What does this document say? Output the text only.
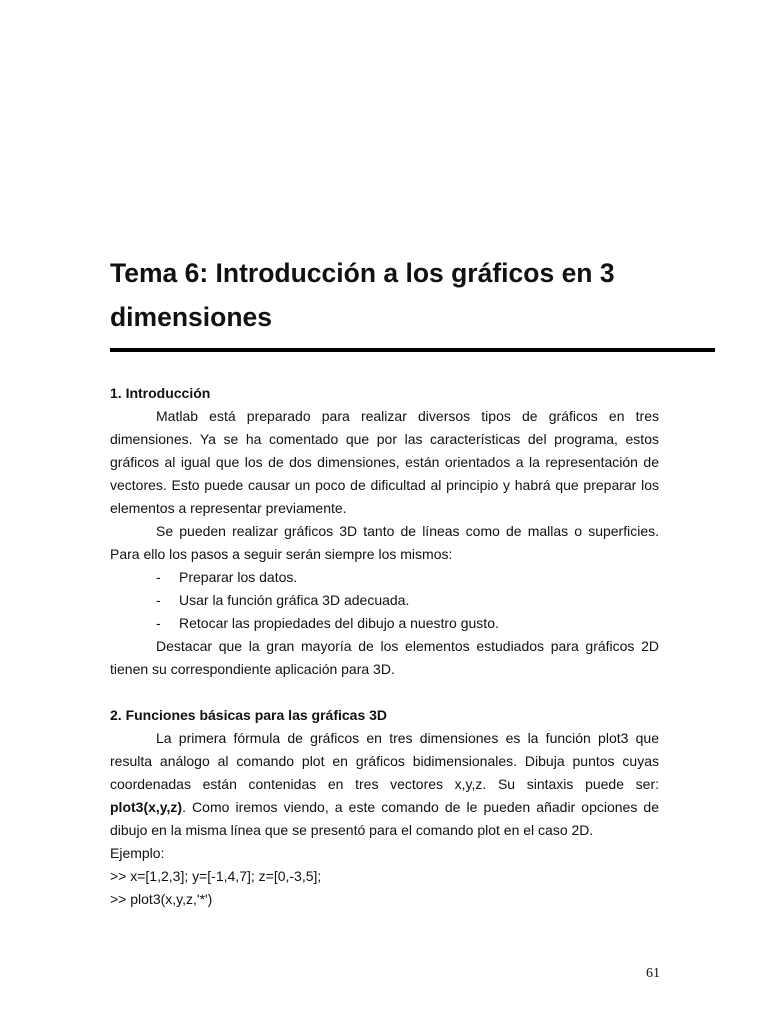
Tema 6: Introducción a los gráficos en 3
dimensiones
1. Introducción

Matlab está preparado para realizar diversos tipos de gráficos en tres dimensiones. Ya se ha comentado que por las características del programa, estos gráficos al igual que los de dos dimensiones, están orientados a la representación de vectores. Esto puede causar un poco de dificultad al principio y habrá que preparar los elementos a representar previamente.

Se pueden realizar gráficos 3D tanto de líneas como de mallas o superficies. Para ello los pasos a seguir serán siempre los mismos:

- Preparar los datos.
- Usar la función gráfica 3D adecuada.
- Retocar las propiedades del dibujo a nuestro gusto.

Destacar que la gran mayoría de los elementos estudiados para gráficos 2D tienen su correspondiente aplicación para 3D.

2. Funciones básicas para las gráficas 3D

La primera fórmula de gráficos en tres dimensiones es la función plot3 que resulta análogo al comando plot en gráficos bidimensionales. Dibuja puntos cuyas coordenadas están contenidas en tres vectores x,y,z. Su sintaxis puede ser: plot3(x,y,z). Como iremos viendo, a este comando de le pueden añadir opciones de dibujo en la misma línea que se presentó para el comando plot en el caso 2D.

Ejemplo:

>> x=[1,2,3]; y=[-1,4,7]; z=[0,-3,5];

>> plot3(x,y,z,'*')

61
